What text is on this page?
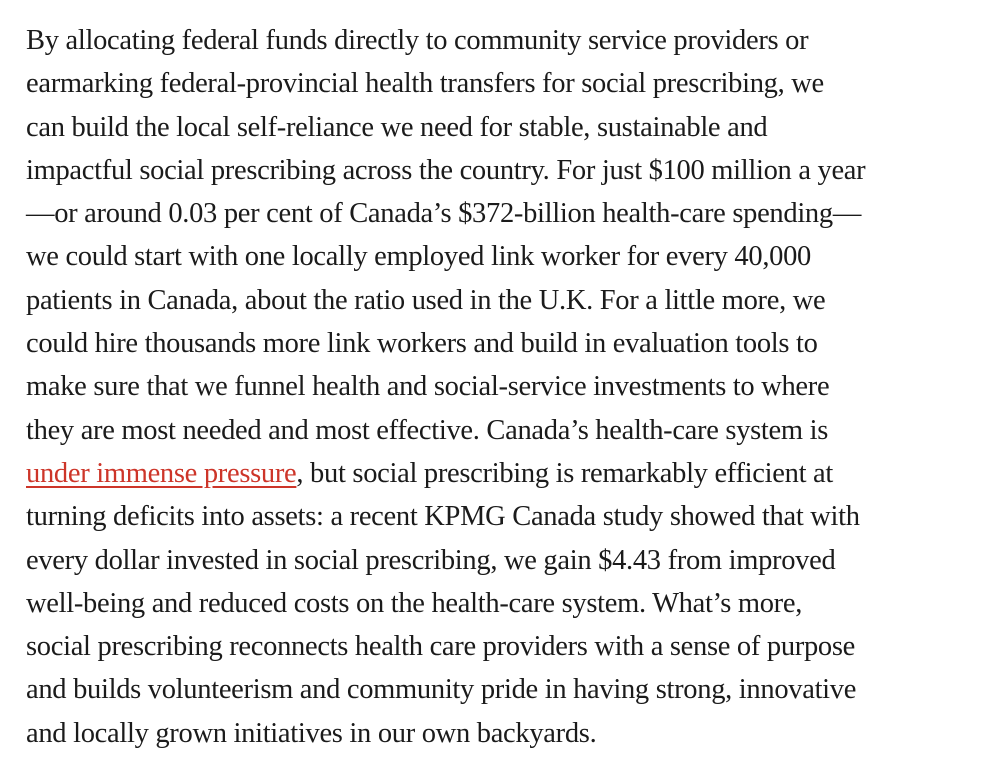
By allocating federal funds directly to community service providers or
earmarking federal-provincial health transfers for social prescribing, we
can build the local self-reliance we need for stable, sustainable and
impactful social prescribing across the country. For just $100 million a year
—or around 0.03 per cent of Canada’s $372-billion health-care spending—
we could start with one locally employed link worker for every 40,000
patients in Canada, about the ratio used in the U.K. For a little more, we
could hire thousands more link workers and build in evaluation tools to
make sure that we funnel health and social-service investments to where
they are most needed and most effective. Canada’s health-care system is
under immense pressure, but social prescribing is remarkably efficient at
turning deficits into assets: a recent KPMG Canada study showed that with
every dollar invested in social prescribing, we gain $4.43 from improved
well-being and reduced costs on the health-care system. What’s more,
social prescribing reconnects health care providers with a sense of purpose
and builds volunteerism and community pride in having strong, innovative
and locally grown initiatives in our own backyards.
